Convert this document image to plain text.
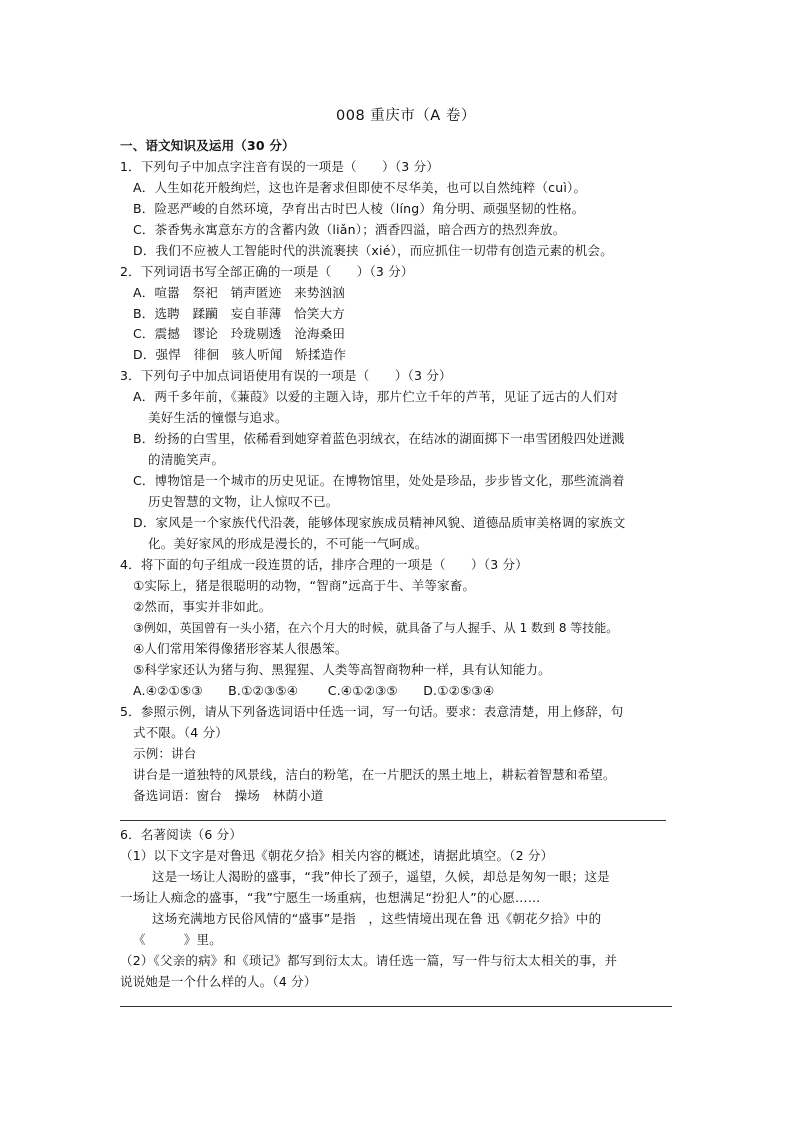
008 重庆市（A 卷）
一、语文知识及运用（30 分）
1．下列句子中加点字注音有误的一项是（　　）（3 分）
A．人生如花开般绚烂，这也许是奢求但即使不尽华美，也可以自然纯粹（cuì）。
B．险恶严峻的自然环境，孕育出古时巴人棱（líng）角分明、顽强坚韧的性格。
C．茶香隽永寓意东方的含蓄内敛（liǎn）；酒香四溢，暗合西方的热烈奔放。
D．我们不应被人工智能时代的洪流裹挟（xié），而应抓住一切带有创造元素的机会。
2．下列词语书写全部正确的一项是（　　）（3 分）
A．喧嚣　祭祀　销声匿迹　来势汹汹
B．选聘　蹂躏　妄自菲薄　恰笑大方
C．震撼　谬论　玲珑剔透　沧海桑田
D．强悍　徘徊　骇人听闻　矫揉造作
3．下列句子中加点词语使用有误的一项是（　　）（3 分）
A．两千多年前，《蒹葭》以爱的主题入诗，那片伫立千年的芦苇，见证了远古的人们对
美好生活的憧憬与追求。
B．纷扬的白雪里，依稀看到她穿着蓝色羽绒衣，在结冰的湖面掷下一串雪团般四处迸溅
的清脆笑声。
C．博物馆是一个城市的历史见证。在博物馆里，处处是珍品，步步皆文化，那些流淌着
历史智慧的文物，让人惊叹不已。
D．家风是一个家族代代沿袭，能够体现家族成员精神风貌、道德品质审美格调的家族文
化。美好家风的形成是漫长的，不可能一气呵成。
4．将下面的句子组成一段连贯的话，排序合理的一项是（　　）（3 分）
①实际上，猪是很聪明的动物，“智商”远高于牛、羊等家畜。
②然而，事实并非如此。
③例如，英国曾有一头小猪，在六个月大的时候，就具备了与人握手、从 1 数到 8 等技能。
④人们常用笨得像猪形容某人很愚笨。
⑤科学家还认为猪与狗、黑猩猩、人类等高智商物种一样，具有认知能力。
A.④②①⑤③　　B.①②③⑤④　　 C.④①②③⑤　　D.①②⑤③④
5．参照示例，请从下列备选词语中任选一词，写一句话。要求：表意清楚，用上修辞，句
式不限。（4 分）
示例：讲台
讲台是一道独特的风景线，洁白的粉笔，在一片肥沃的黑土地上，耕耘着智慧和希望。
备选词语：窗台　操场　林荫小道
6．名著阅读（6 分）
（1）以下文字是对鲁迅《朝花夕拾》相关内容的概述，请据此填空。（2 分）
这是一场让人渴盼的盛事，“我”伸长了颈子，遥望，久候，却总是匆匆一眼；这是
一场让人痴念的盛事，“我”宁愿生一场重病，也想满足“扮犯人”的心愿……
这场充满地方民俗风情的“盛事”是指　，这些情境出现在鲁 迅《朝花夕拾》中的
《　　　》里。
（2）《父亲的病》和《琐记》都写到衍太太。请任选一篇，写一件与衍太太相关的事，并
说说她是一个什么样的人。（4 分）
